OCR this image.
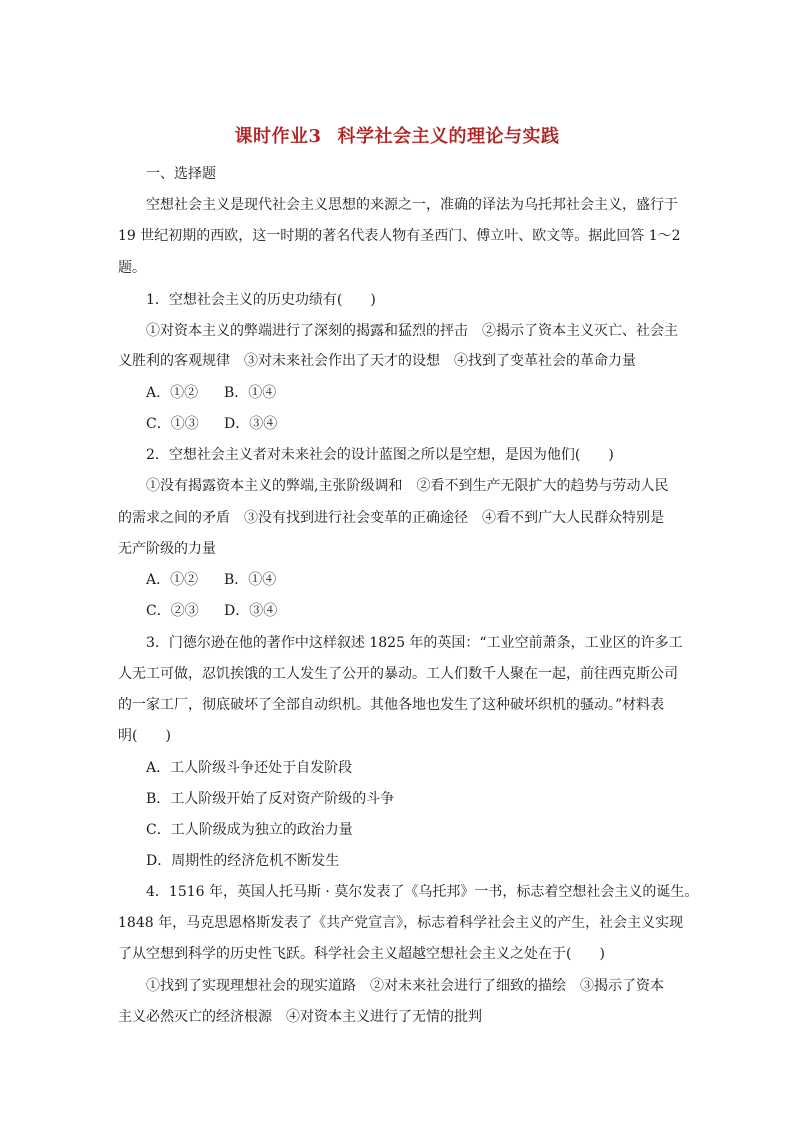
课时作业3 科学社会主义的理论与实践

一、选择题

空想社会主义是现代社会主义思想的来源之一，准确的译法为乌托邦社会主义，盛行于

19 世纪初期的西欧，这一时期的著名代表人物有圣西门、傅立叶、欧文等。据此回答 1～2

题。

1．空想社会主义的历史功绩有(　　)

①对资本主义的弊端进行了深刻的揭露和猛烈的抨击　②揭示了资本主义灭亡、社会主

义胜利的客观规律　③对未来社会作出了天才的设想　④找到了变革社会的革命力量

A．①② B．①④

C．①③ D．③④

2．空想社会主义者对未来社会的设计蓝图之所以是空想，是因为他们(　　)

①没有揭露资本主义的弊端,主张阶级调和　②看不到生产无限扩大的趋势与劳动人民

的需求之间的矛盾　③没有找到进行社会变革的正确途径　④看不到广大人民群众特别是

无产阶级的力量

A．①② B．①④

C．②③ D．③④

3．门德尔逊在他的著作中这样叙述 1825 年的英国：“工业空前萧条，工业区的许多工

人无工可做，忍饥挨饿的工人发生了公开的暴动。工人们数千人聚在一起，前往西克斯公司

的一家工厂，彻底破坏了全部自动织机。其他各地也发生了这种破坏织机的骚动。”材料表

明(　　)

A．工人阶级斗争还处于自发阶段

B．工人阶级开始了反对资产阶级的斗争

C．工人阶级成为独立的政治力量

D．周期性的经济危机不断发生

4．1516 年，英国人托马斯 · 莫尔发表了《乌托邦》一书，标志着空想社会主义的诞生。

1848 年，马克思恩格斯发表了《共产党宣言》，标志着科学社会主义的产生，社会主义实现

了从空想到科学的历史性飞跃。科学社会主义超越空想社会主义之处在于(　　)

①找到了实现理想社会的现实道路　②对未来社会进行了细致的描绘　③揭示了资本

主义必然灭亡的经济根源　④对资本主义进行了无情的批判
